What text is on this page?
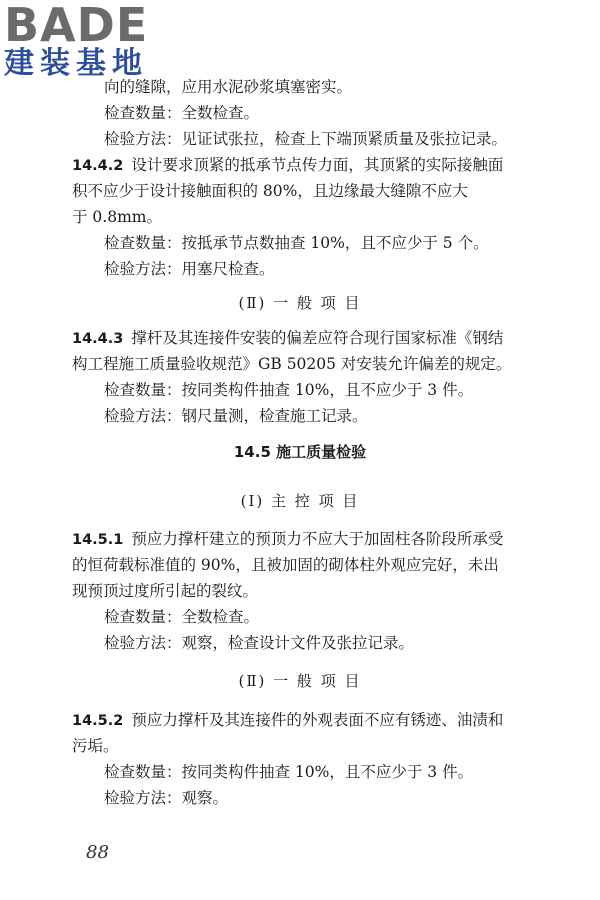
BADE
建装基地
向的缝隙，应用水泥砂浆填塞密实。
检查数量：全数检查。
检验方法：见证试张拉，检查上下端顶紧质量及张拉记录。
14.4.2 设计要求顶紧的抵承节点传力面，其顶紧的实际接触面
积不应少于设计接触面积的 80%，且边缘最大缝隙不应大
于 0.8mm。
检查数量：按抵承节点数抽查 10%，且不应少于 5 个。
检验方法：用塞尺检查。
(Ⅱ) 一 般 项 目
14.4.3 撑杆及其连接件安装的偏差应符合现行国家标准《钢结
构工程施工质量验收规范》GB 50205 对安装允许偏差的规定。
检查数量：按同类构件抽查 10%，且不应少于 3 件。
检验方法：钢尺量测，检查施工记录。
14.5 施工质量检验
(Ⅰ) 主 控 项 目
14.5.1 预应力撑杆建立的预顶力不应大于加固柱各阶段所承受
的恒荷载标准值的 90%，且被加固的砌体柱外观应完好，未出
现预顶过度所引起的裂纹。
检查数量：全数检查。
检验方法：观察，检查设计文件及张拉记录。
(Ⅱ) 一 般 项 目
14.5.2 预应力撑杆及其连接件的外观表面不应有锈迹、油渍和
污垢。
检查数量：按同类构件抽查 10%，且不应少于 3 件。
检验方法：观察。
88
